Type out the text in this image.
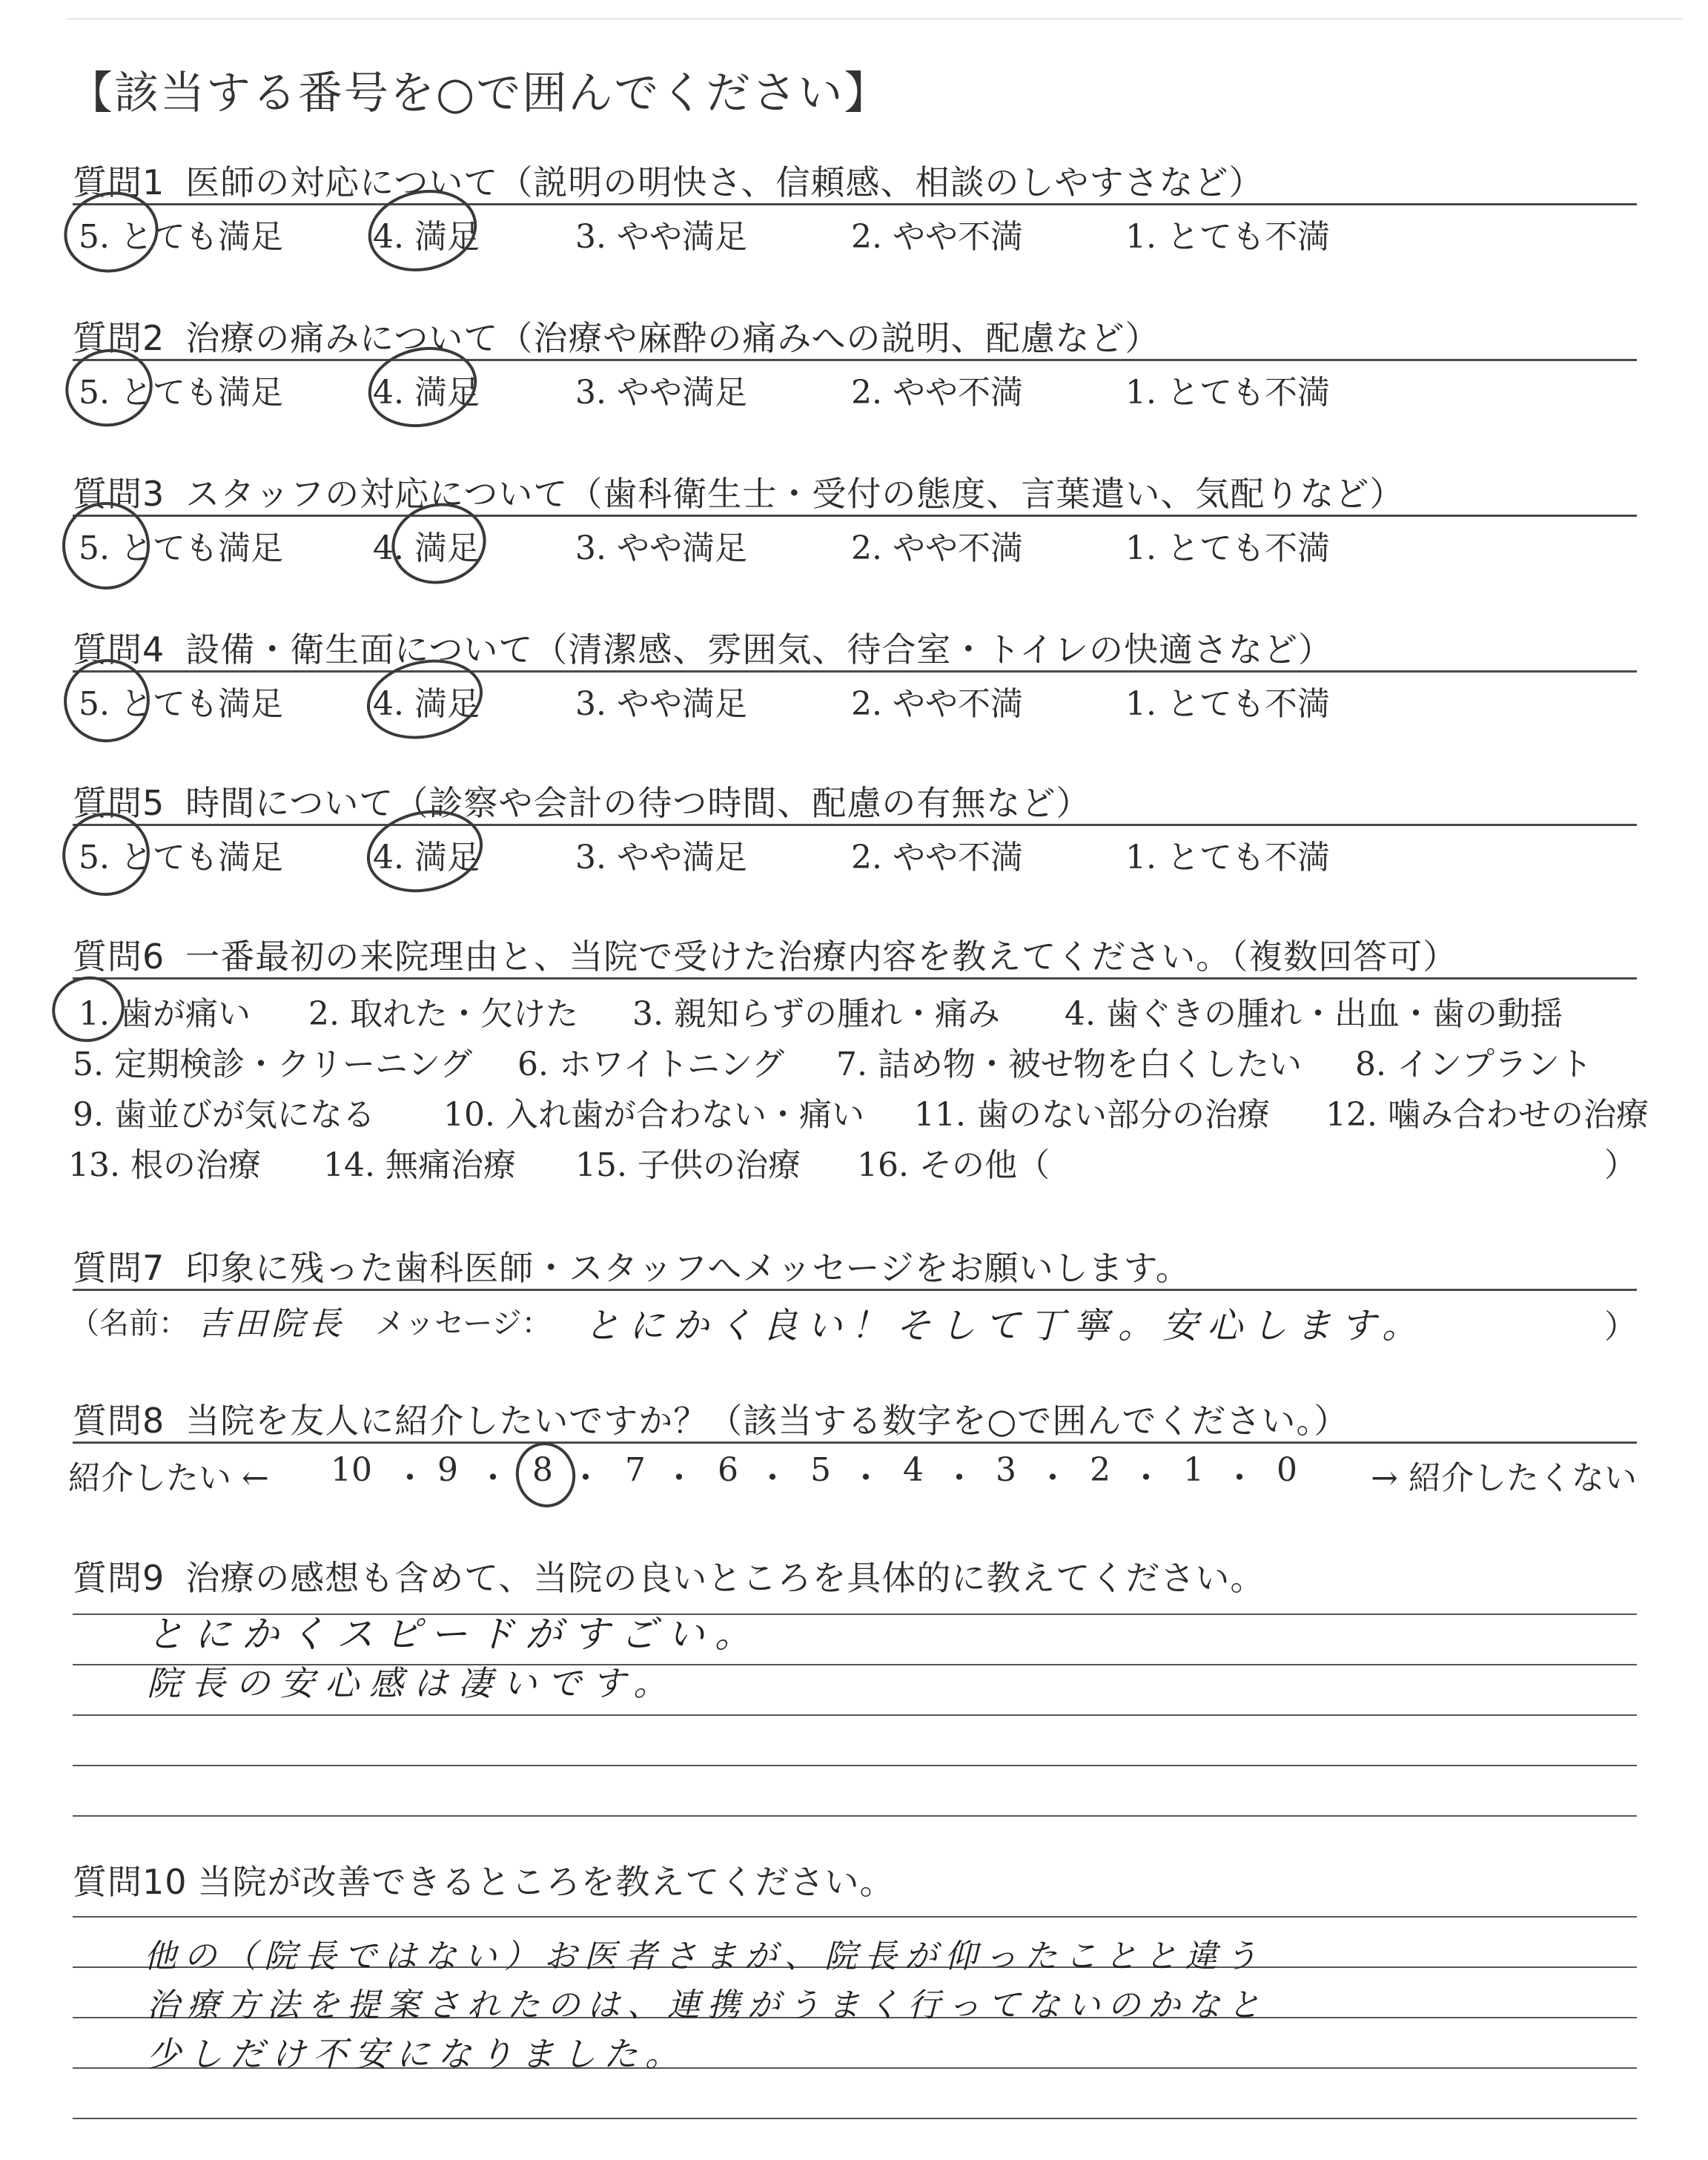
【該当する番号を○で囲んでください】
質問1 医師の対応について（説明の明快さ、信頼感、相談のしやすさなど）
5. とても満足	4. 満足	3. やや満足	2. やや不満	1. とても不満
質問2 治療の痛みについて（治療や麻酔の痛みへの説明、配慮など）
5. とても満足	4. 満足	3. やや満足	2. やや不満	1. とても不満
質問3 スタッフの対応について（歯科衛生士・受付の態度、言葉遣い、気配りなど）
5. とても満足	4. 満足	3. やや満足	2. やや不満	1. とても不満
質問4 設備・衛生面について（清潔感、雰囲気、待合室・トイレの快適さなど）
5. とても満足	4. 満足	3. やや満足	2. やや不満	1. とても不満
質問5 時間について（診察や会計の待つ時間、配慮の有無など）
5. とても満足	4. 満足	3. やや満足	2. やや不満	1. とても不満
質問6 一番最初の来院理由と、当院で受けた治療内容を教えてください。（複数回答可）
1. 歯が痛い 2. 取れた・欠けた 3. 親知らずの腫れ・痛み 4. 歯ぐきの腫れ・出血・歯の動揺
5. 定期検診・クリーニング 6. ホワイトニング 7. 詰め物・被せ物を白くしたい 8. インプラント
9. 歯並びが気になる 10. 入れ歯が合わない・痛い 11. 歯のない部分の治療 12. 噛み合わせの治療
13. 根の治療 14. 無痛治療 15. 子供の治療 16. その他（	）
質問7 印象に残った歯科医師・スタッフへメッセージをお願いします。
（名前： 吉田院長 メッセージ： とにかく良い！そして丁寧。安心します。	）
質問8 当院を友人に紹介したいですか？（該当する数字を○で囲んでください。）
紹介したい ← 10 ・ 9 ・ 8 ・ 7 ・ 6 ・ 5 ・ 4 ・ 3 ・ 2 ・ 1 ・ 0 → 紹介したくない
質問9 治療の感想も含めて、当院の良いところを具体的に教えてください。
とにかくスピードがすごい。
院長の安心感は凄いです。
質問10 当院が改善できるところを教えてください。
他の（院長ではない）お医者さまが、院長が仰ったことと違う
治療方法を提案されたのは、連携がうまく行ってないのかなと
少しだけ不安になりました。
